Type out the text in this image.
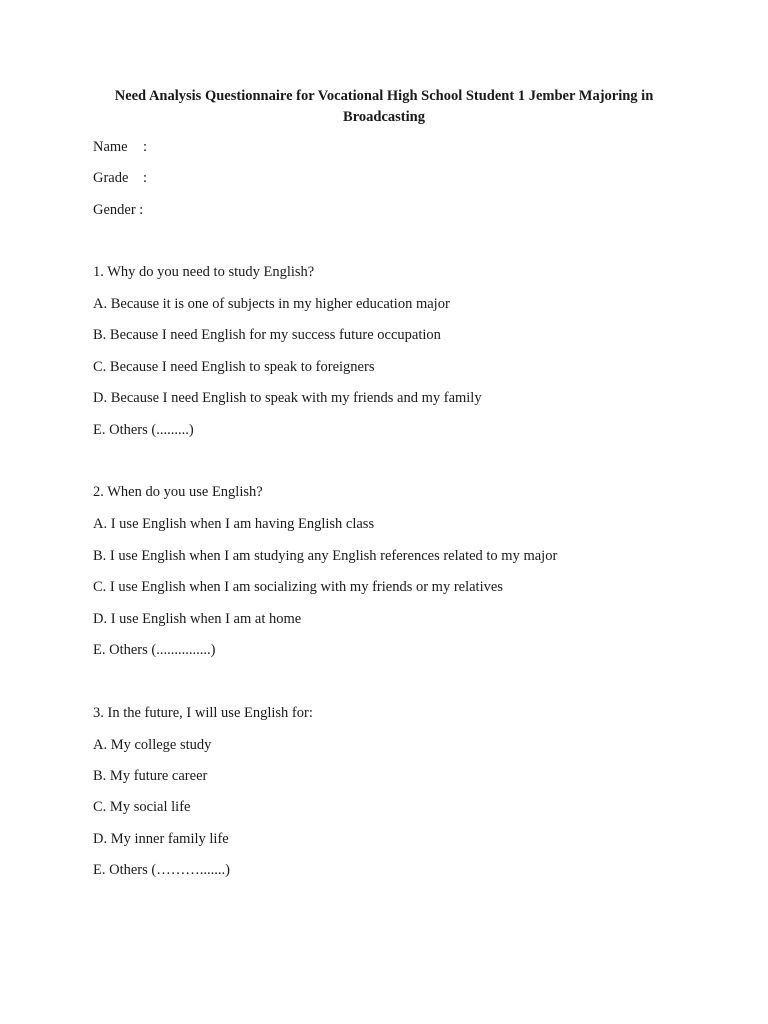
Need Analysis Questionnaire for Vocational High School Student 1 Jember Majoring in Broadcasting
Name :
Grade :
Gender :
1. Why do you need to study English?
A. Because it is one of subjects in my higher education major
B. Because I need English for my success future occupation
C. Because I need English to speak to foreigners
D. Because I need English to speak with my friends and my family
E. Others (.........)
2. When do you use English?
A. I use English when I am having English class
B. I use English when I am studying any English references related to my major
C. I use English when I am socializing with my friends or my relatives
D. I use English when I am at home
E. Others (...............)
3. In the future, I will use English for:
A. My college study
B. My future career
C. My social life
D. My inner family life
E. Others (……….......)
